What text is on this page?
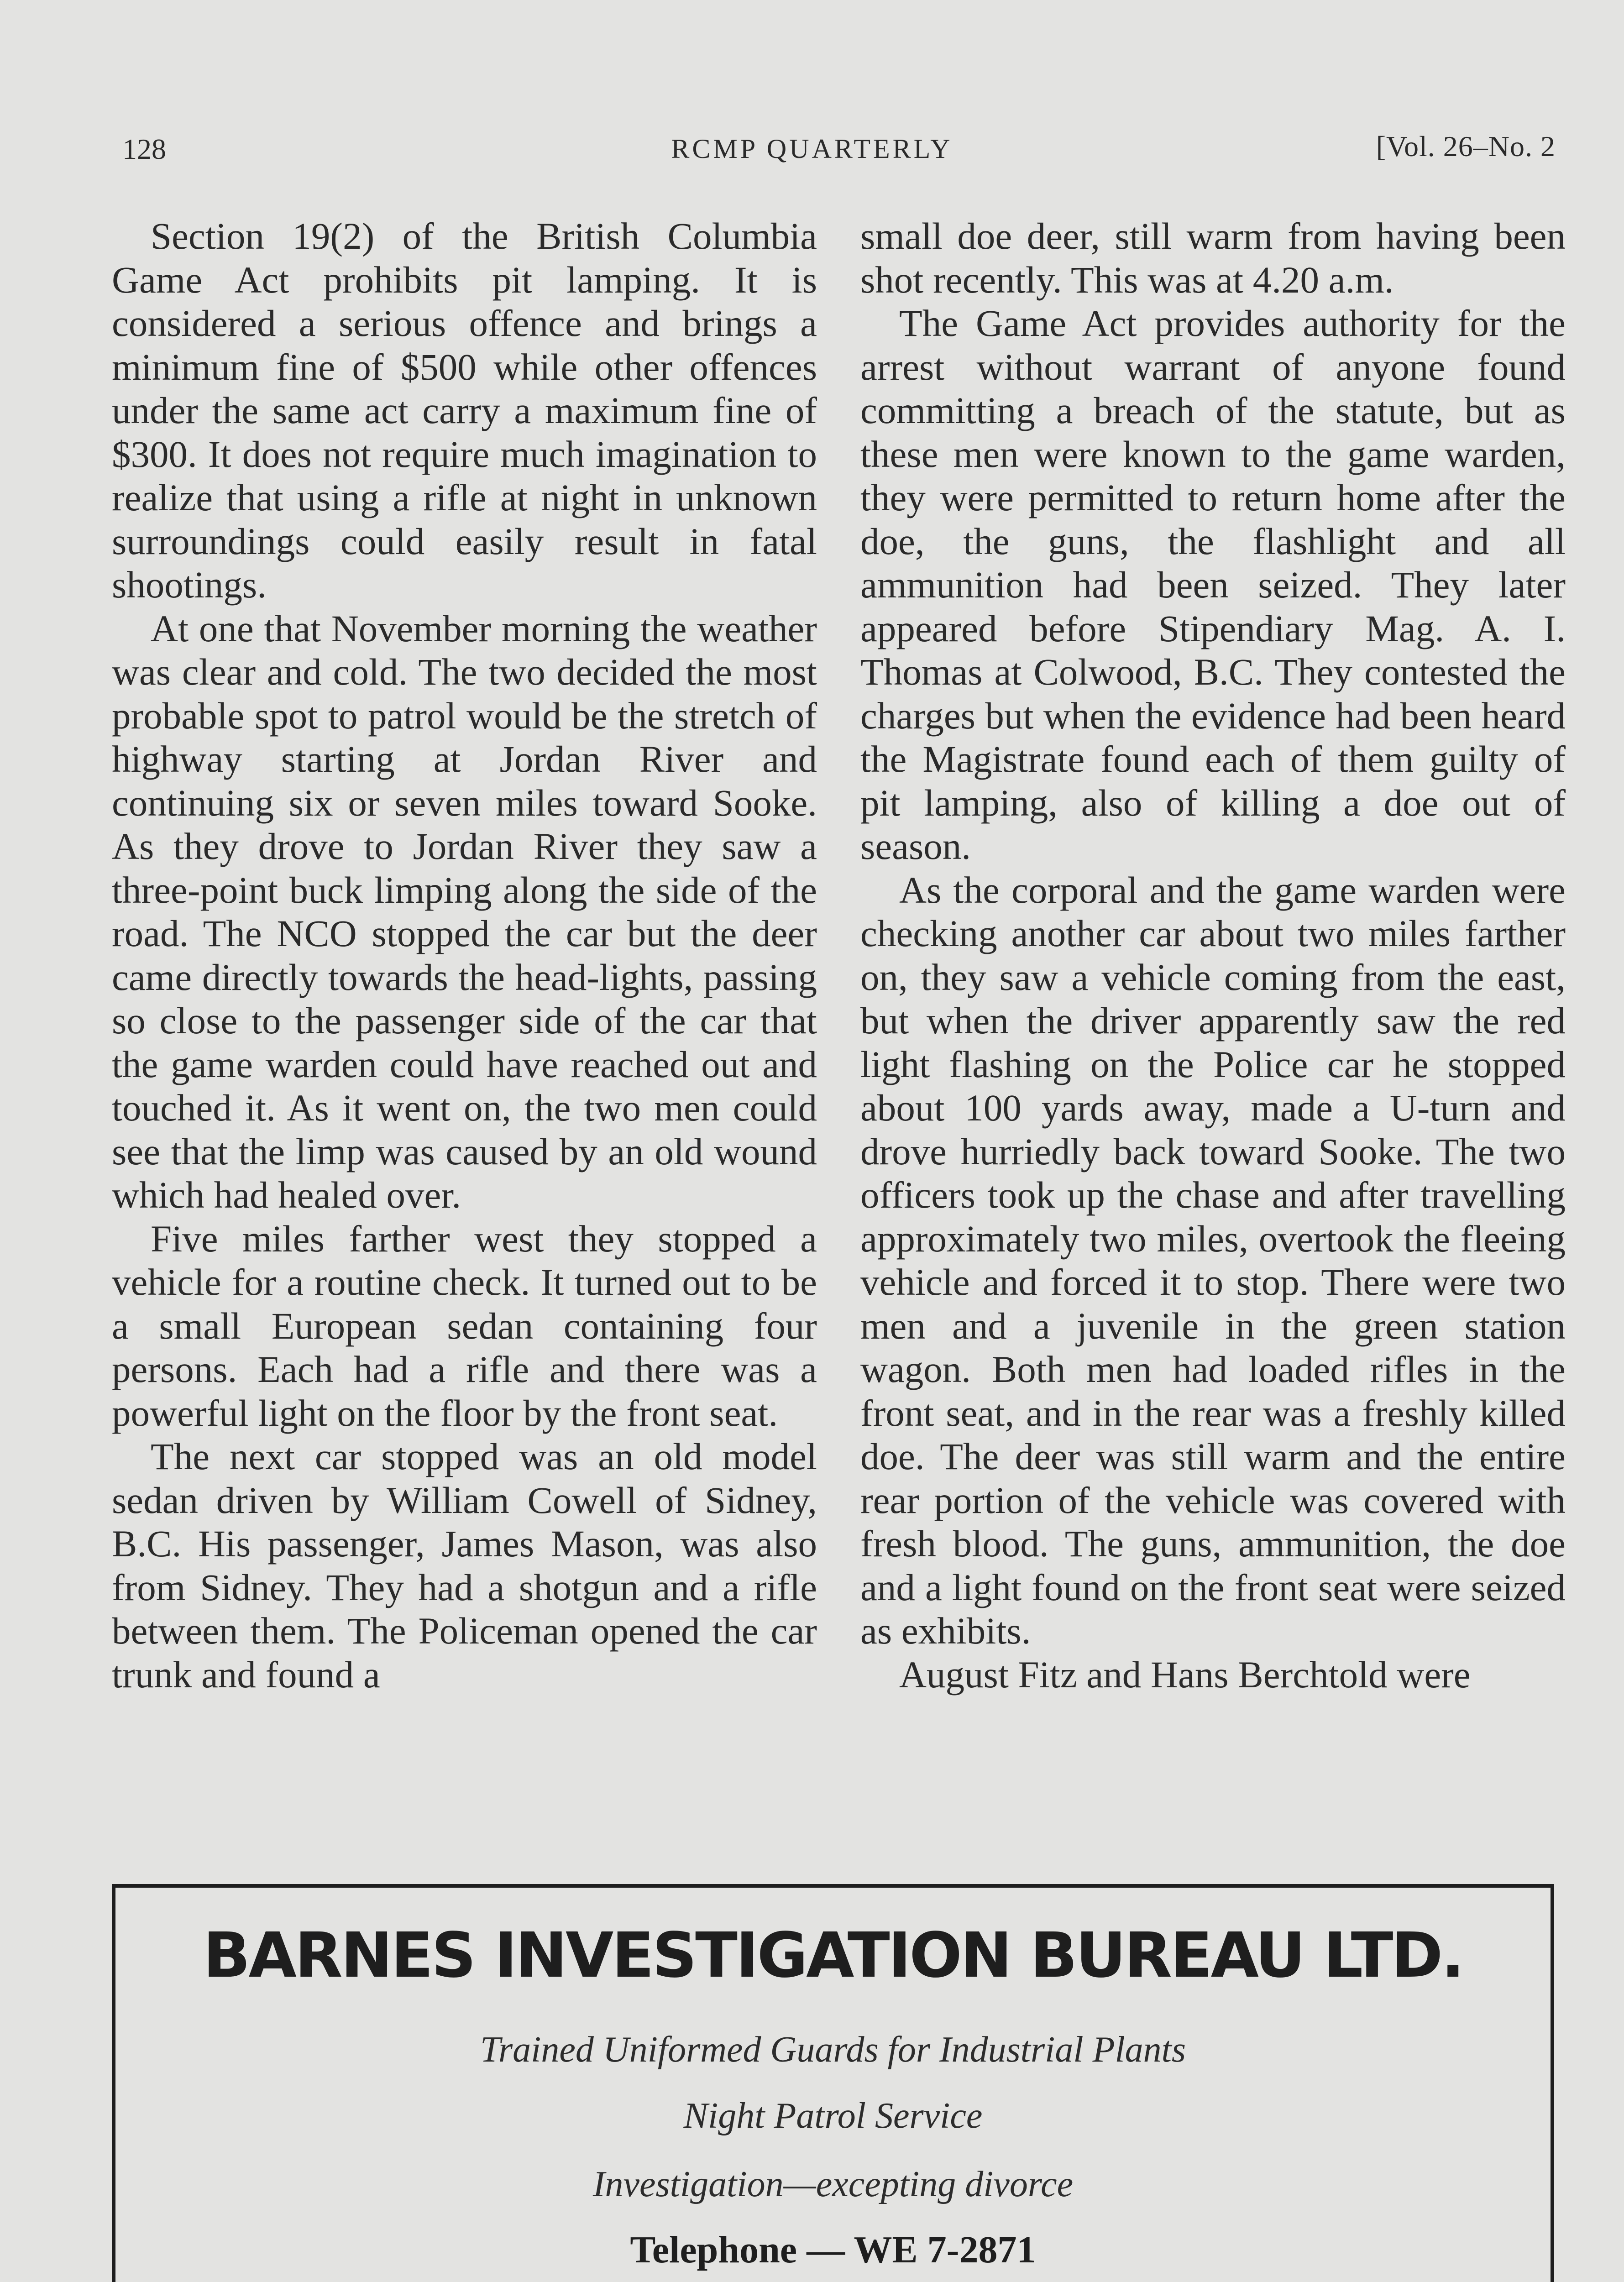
128	RCMP QUARTERLY	[Vol. 26–No. 2

Section 19(2) of the British Columbia Game Act prohibits pit lamping. It is considered a serious offence and brings a minimum fine of $500 while other offences under the same act carry a maximum fine of $300. It does not require much imagination to realize that using a rifle at night in unknown surroundings could easily result in fatal shootings.

At one that November morning the weather was clear and cold. The two decided the most probable spot to patrol would be the stretch of highway starting at Jordan River and continuing six or seven miles toward Sooke. As they drove to Jordan River they saw a three-point buck limping along the side of the road. The NCO stopped the car but the deer came directly towards the head-lights, passing so close to the passenger side of the car that the game warden could have reached out and touched it. As it went on, the two men could see that the limp was caused by an old wound which had healed over.

Five miles farther west they stopped a vehicle for a routine check. It turned out to be a small European sedan containing four persons. Each had a rifle and there was a powerful light on the floor by the front seat.

The next car stopped was an old model sedan driven by William Cowell of Sidney, B.C. His passenger, James Mason, was also from Sidney. They had a shotgun and a rifle between them. The Policeman opened the car trunk and found a

small doe deer, still warm from having been shot recently. This was at 4.20 a.m.

The Game Act provides authority for the arrest without warrant of anyone found committing a breach of the statute, but as these men were known to the game warden, they were permitted to return home after the doe, the guns, the flashlight and all ammunition had been seized. They later appeared before Stipendiary Mag. A. I. Thomas at Colwood, B.C. They contested the charges but when the evidence had been heard the Magistrate found each of them guilty of pit lamping, also of killing a doe out of season.

As the corporal and the game warden were checking another car about two miles farther on, they saw a vehicle coming from the east, but when the driver apparently saw the red light flashing on the Police car he stopped about 100 yards away, made a U-turn and drove hurriedly back toward Sooke. The two officers took up the chase and after travelling approximately two miles, overtook the fleeing vehicle and forced it to stop. There were two men and a juvenile in the green station wagon. Both men had loaded rifles in the front seat, and in the rear was a freshly killed doe. The deer was still warm and the entire rear portion of the vehicle was covered with fresh blood. The guns, ammunition, the doe and a light found on the front seat were seized as exhibits.

August Fitz and Hans Berchtold were

BARNES INVESTIGATION BUREAU LTD.
Trained Uniformed Guards for Industrial Plants
Night Patrol Service
Investigation—excepting divorce
Telephone — WE 7-2871
